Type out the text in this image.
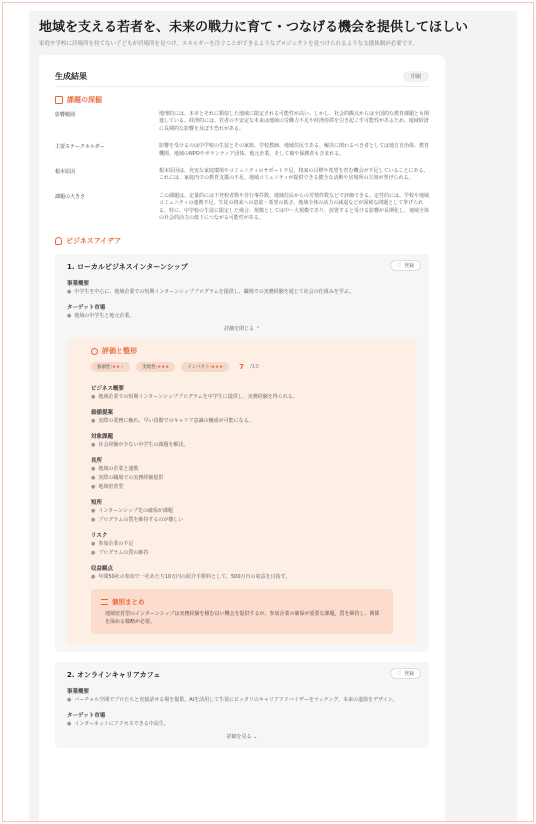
地域を支える若者を、未来の戦力に育て・つなげる機会を提供してほしい
家庭や学校に居場所を持てない子どもが居場所を見つけ、エネルギーを注ぐことができるようなプロジェクトを見つけられるような支援体制が必要です。
生成結果	印刷
課題の深掘
影響範囲	地理的には、本市とそれに類似した地域に限定される可能性が高い。しかし、社会的観点からは全国的な教育課題とも関連している。経済的には、若者の不安定な未来は地域の労働力不足や経済停滞を引き起こす可能性があるため、地域経済に長期的な影響を及ぼす恐れがある。
主要ステークホルダー	影響を受けるのは中学校の生徒とその家族、学校教師、地域住民である。解決に関わるべき者としては地方自治体、教育機関、地域のNPOやボランティア団体、地元企業、そして親や保護者も含まれる。
根本原因	根本原因は、充実な家庭環境やコミュニティのサポート不足、将来の目標や希望を育む機会が不足していることにある。これには、家庭内での教育支援の不足、地域コミュニティが提供できる健全な活動や居場所の欠如が挙げられる。
課題の大きさ	この課題は、定量的には不登校者数や非行事件数、地域住民からの苦情件数などで評価できる。定性的には、学校や地域コミュニティの連携不足、生徒の将来への意欲・希望の低さ、地域全体の活力の減退などが深刻な問題として挙げられる。特に、中学校の生徒に限定した場合、規模としては中〜大規模であり、放置すると受ける影響が長期化し、地域全体の社会的活力の低下につながる可能性がある。
ビジネスアイデア
1. ローカルビジネスインターンシップ	♡ 登録
事業概要
● 中学生を中心に、地域企業での短期インターンシッププログラムを提供し、職場での実務経験を通じて社会の仕組みを学ぶ。
ターゲット市場
● 地域の中学生と地元企業。
詳細を閉じる ⌃
評価と整形
独創性:★★★	実現性:★★★	インパクト:★★★	7 /10
ビジネス概要
● 地域企業での短期インターンシッププログラムを中学生に提供し、実務経験を得られる。
価値提案
● 実際の業務に触れ、早い段階でのキャリア意識の醸成が可能になる。
対象課題
● 社会経験が少ない中学生の課題を解決。
長所
● 地域の企業と連携
● 実際の職場での実務経験提供
● 地域密着型
短所
● インターンシップ先の確保が課題
● プログラムの質を維持するのが難しい
リスク
● 参加企業の不足
● プログラムの質の維持
収益観点
● 年間50社の参加で一社あたり10万円の紹介手数料として、500万円の収益を目指す。
個別まとめ
地域密着型のインターンシップは実務経験を積む良い機会を提供するが、参加企業の確保が重要な課題。質を維持し、関係を深める戦略が必要。
2. オンラインキャリアカフェ	♡ 登録
事業概要
● バーチャル空間でプロたちと直接話せる場を提供。AIを活用して生徒にピッタリのキャリアアドバイザーをマッチング、未来の道筋をデザイン。
ターゲット市場
● インターネットにアクセスできる中高生。
詳細を見る ⌄
